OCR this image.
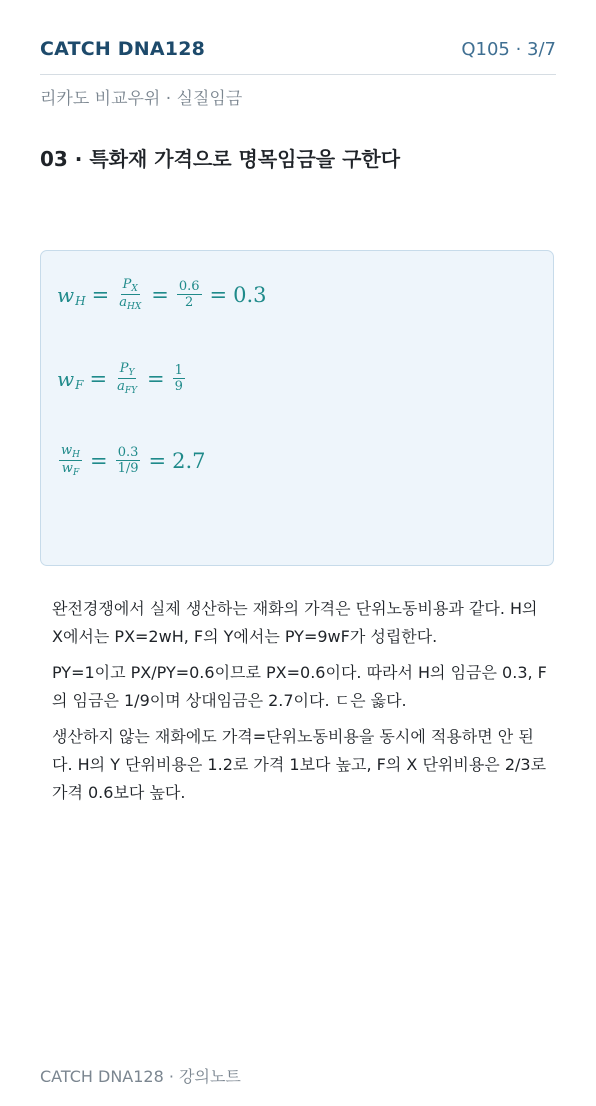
CATCH DNA128	Q105 · 3/7
리카도 비교우위 · 실질임금
03 · 특화재 가격으로 명목임금을 구한다
w $H = \frac{P_X}{a_{HX}} = \frac{0.6}{2} = 0.3$
w $F = \frac{P_Y}{a_{FY}} = \frac{1}{9}$
$\frac{w_H}{w_F} = \frac{0.3}{1/9} = 2.7$
완전경쟁에서 실제 생산하는 재화의 가격은 단위노동비용과 같다. H의 X에서는 PX=2wH, F의 Y에서는 PY=9wF가 성립한다.
PY=1이고 PX/PY=0.6이므로 PX=0.6이다. 따라서 H의 임금은 0.3, F의 임금은 1/9이며 상대임금은 2.7이다. ㄷ은 옳다.
생산하지 않는 재화에도 가격=단위노동비용을 동시에 적용하면 안 된다. H의 Y 단위비용은 1.2로 가격 1보다 높고, F의 X 단위비용은 2/3로 가격 0.6보다 높다.
CATCH DNA128 · 강의노트
